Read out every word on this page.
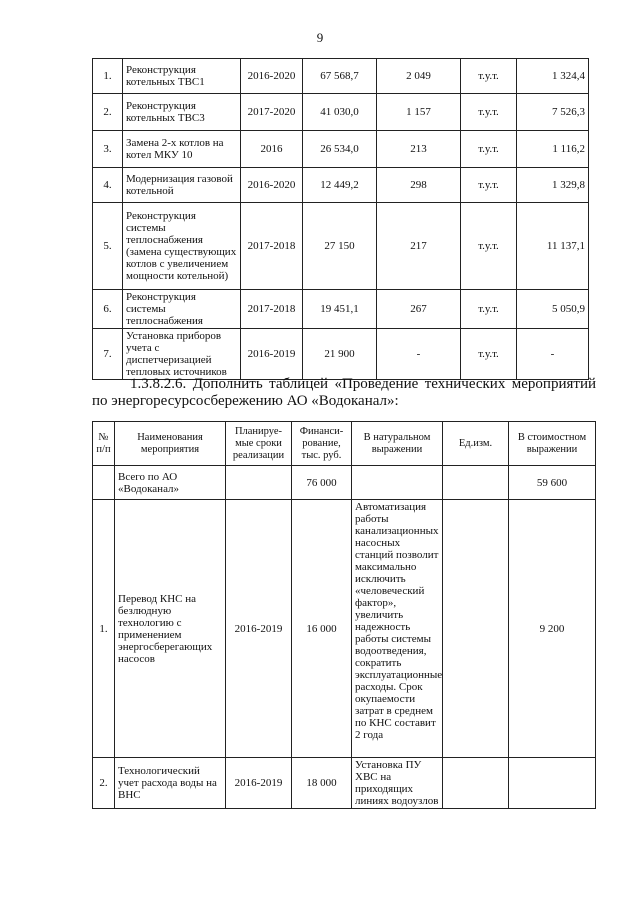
9
1.	Реконструкция котельных ТВС1	2016-2020	67 568,7	2 049	т.у.т.	1 324,4
2.	Реконструкция котельных ТВС3	2017-2020	41 030,0	1 157	т.у.т.	7 526,3
3.	Замена 2-х котлов на котел МКУ 10	2016	26 534,0	213	т.у.т.	1 116,2
4.	Модернизация газовой котельной	2016-2020	12 449,2	298	т.у.т.	1 329,8
5.	Реконструкция системы теплоснабжения (замена существующих котлов с увеличением мощности котельной)	2017-2018	27 150	217	т.у.т.	11 137,1
6.	Реконструкция системы теплоснабжения	2017-2018	19 451,1	267	т.у.т.	5 050,9
7.	Установка приборов учета с диспетчеризацией тепловых источников	2016-2019	21 900	-	т.у.т.	-
1.3.8.2.6. Дополнить таблицей «Проведение технических мероприятий
по энергоресурсосбережению АО «Водоканал»:
№ п/п	Наименования мероприятия	Планируе-мые сроки реализации	Финанси-рование, тыс. руб.	В натуральном выражении	Ед.изм.	В стоимостном выражении
	Всего по АО «Водоканал»		76 000			59 600
1.	Перевод КНС на безлюдную технологию с применением энергосберегающих насосов	2016-2019	16 000	Автоматизация работы канализационных насосных станций позволит максимально исключить «человеческий фактор», увеличить надежность работы системы водоотведения, сократить эксплуатационные расходы. Срок окупаемости затрат в среднем по КНС составит 2 года		9 200
2.	Технологический учет расхода воды на ВНС	2016-2019	18 000	Установка ПУ ХВС на приходящих линиях водоузлов		
